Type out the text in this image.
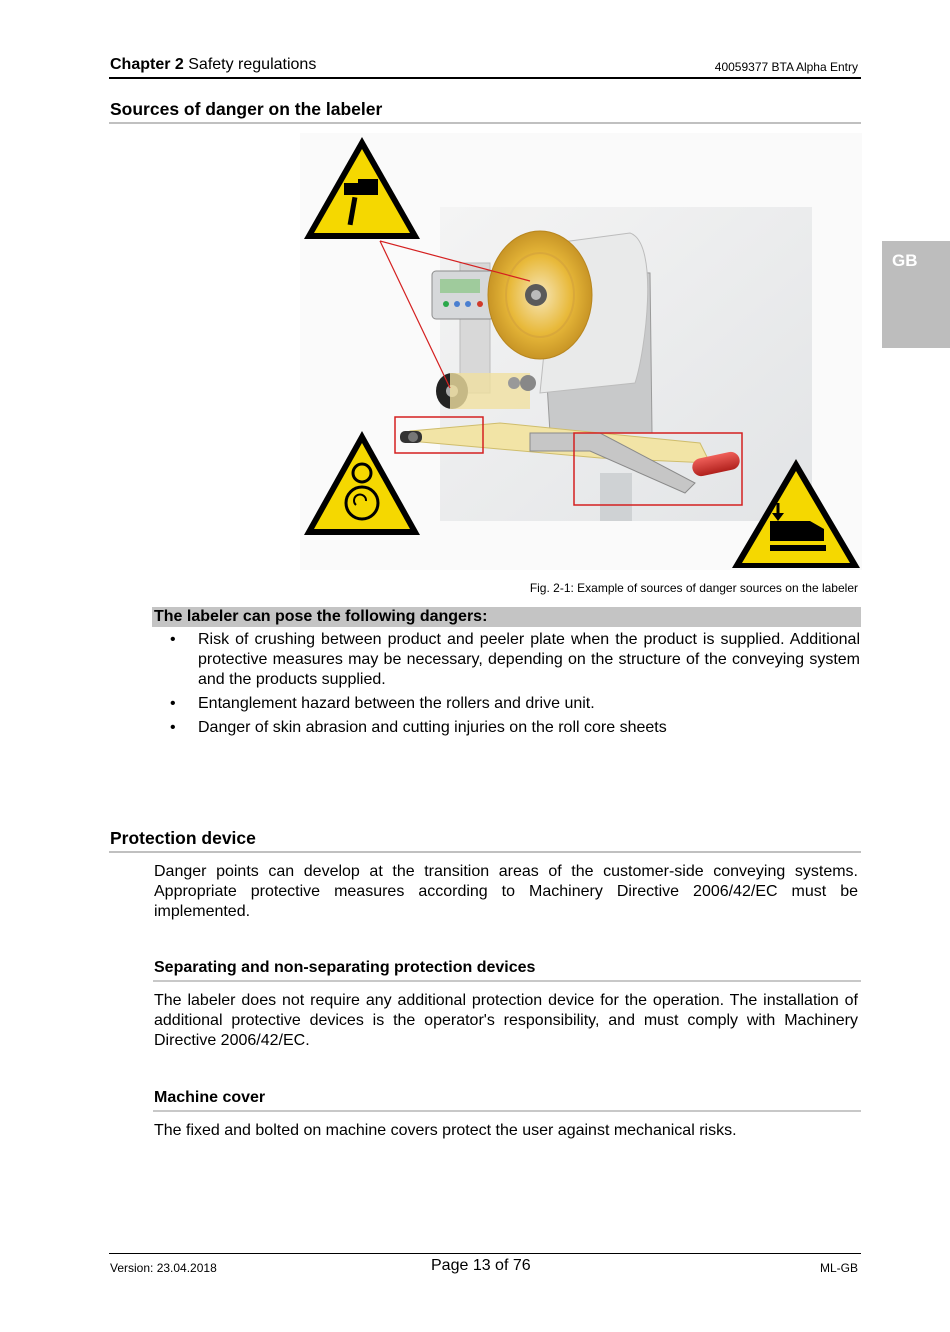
Chapter 2 Safety regulations	40059377 BTA Alpha Entry
Sources of danger on the labeler
GB
Fig. 2-1: Example of sources of danger sources on the labeler
The labeler can pose the following dangers:
• Risk of crushing between product and peeler plate when the product is supplied. Additional protective measures may be necessary, depending on the structure of the conveying system and the products supplied.
• Entanglement hazard between the rollers and drive unit.
• Danger of skin abrasion and cutting injuries on the roll core sheets
Protection device
Danger points can develop at the transition areas of the customer-side conveying systems. Appropriate protective measures according to Machinery Directive 2006/42/EC must be implemented.
Separating and non-separating protection devices
The labeler does not require any additional protection device for the operation. The installation of additional protective devices is the operator's responsibility, and must comply with Machinery Directive 2006/42/EC.
Machine cover
The fixed and bolted on machine covers protect the user against mechanical risks.
Version: 23.04.2018	Page 13 of 76	ML-GB
